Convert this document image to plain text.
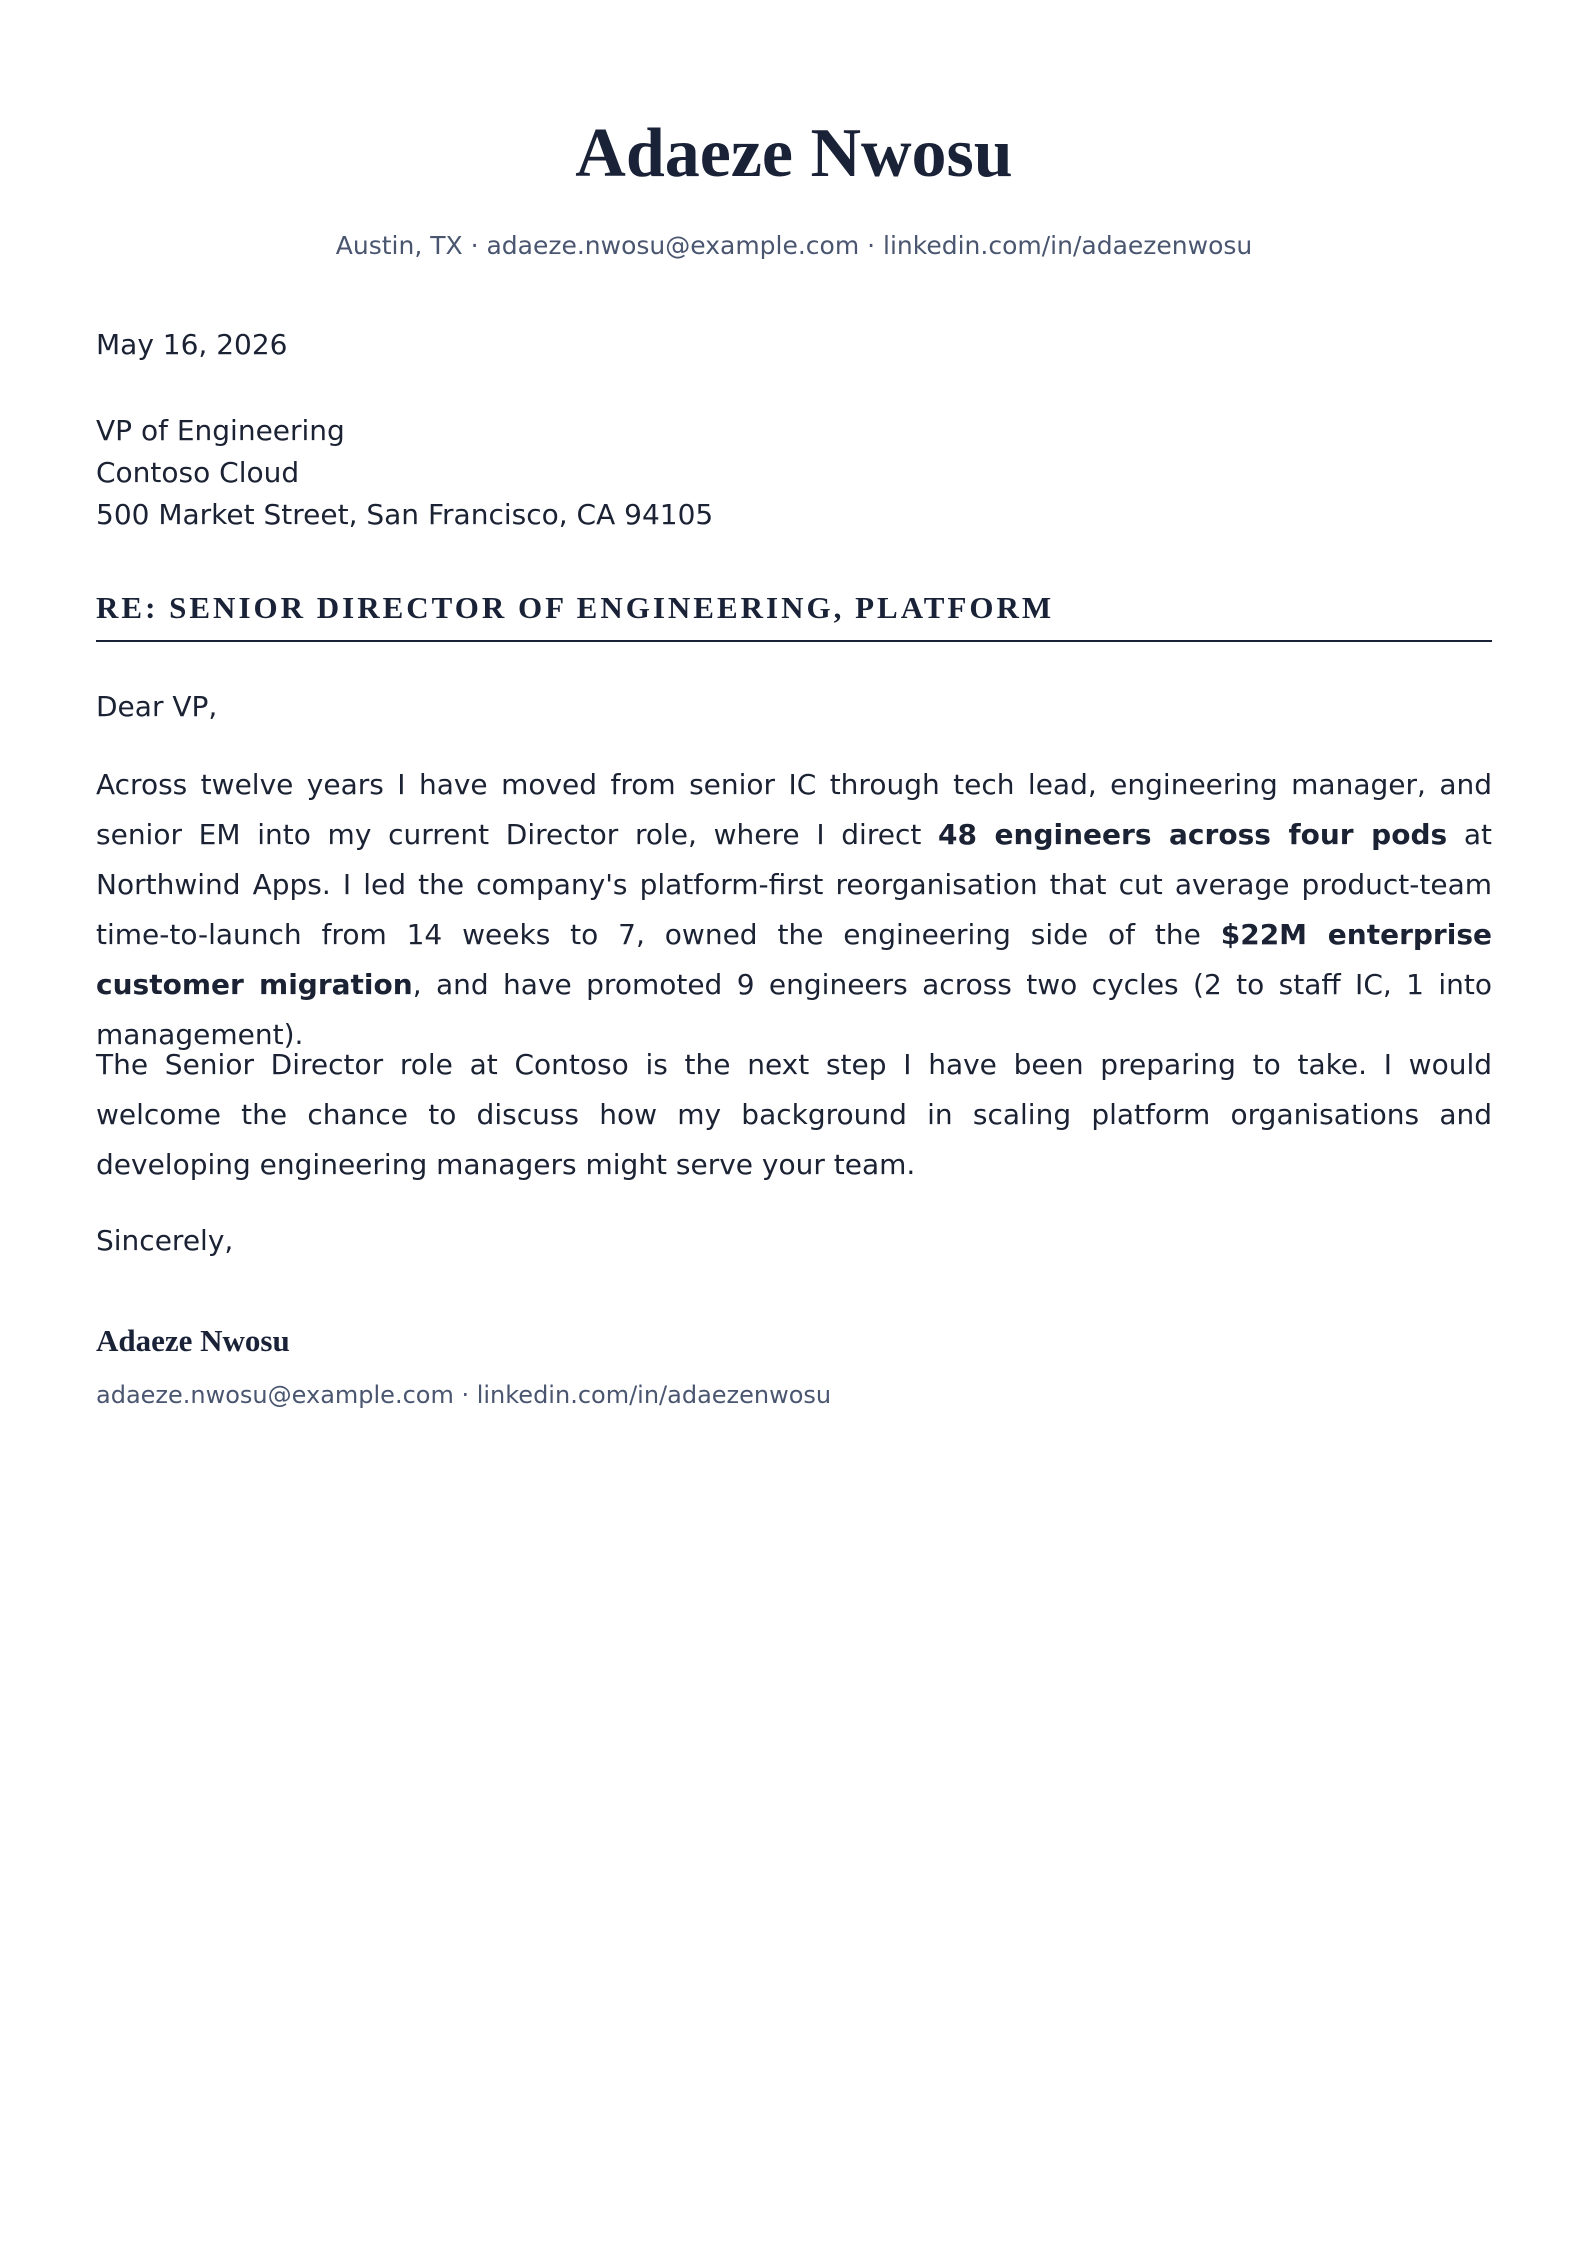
Adaeze Nwosu
Austin, TX · adaeze.nwosu@example.com · linkedin.com/in/adaezenwosu
May 16, 2026
VP of Engineering
Contoso Cloud
500 Market Street, San Francisco, CA 94105
RE: SENIOR DIRECTOR OF ENGINEERING, PLATFORM
Dear VP,

Across twelve years I have moved from senior IC through tech lead, engineering manager, and senior EM into my current Director role, where I direct 48 engineers across four pods at Northwind Apps. I led the company's platform-first reorganisation that cut average product-team time-to-launch from 14 weeks to 7, owned the engineering side of the $22M enterprise customer migration, and have promoted 9 engineers across two cycles (2 to staff IC, 1 into management).

The Senior Director role at Contoso is the next step I have been preparing to take. I would welcome the chance to discuss how my background in scaling platform organisations and developing engineering managers might serve your team.

Sincerely,
Adaeze Nwosu
adaeze.nwosu@example.com · linkedin.com/in/adaezenwosu
